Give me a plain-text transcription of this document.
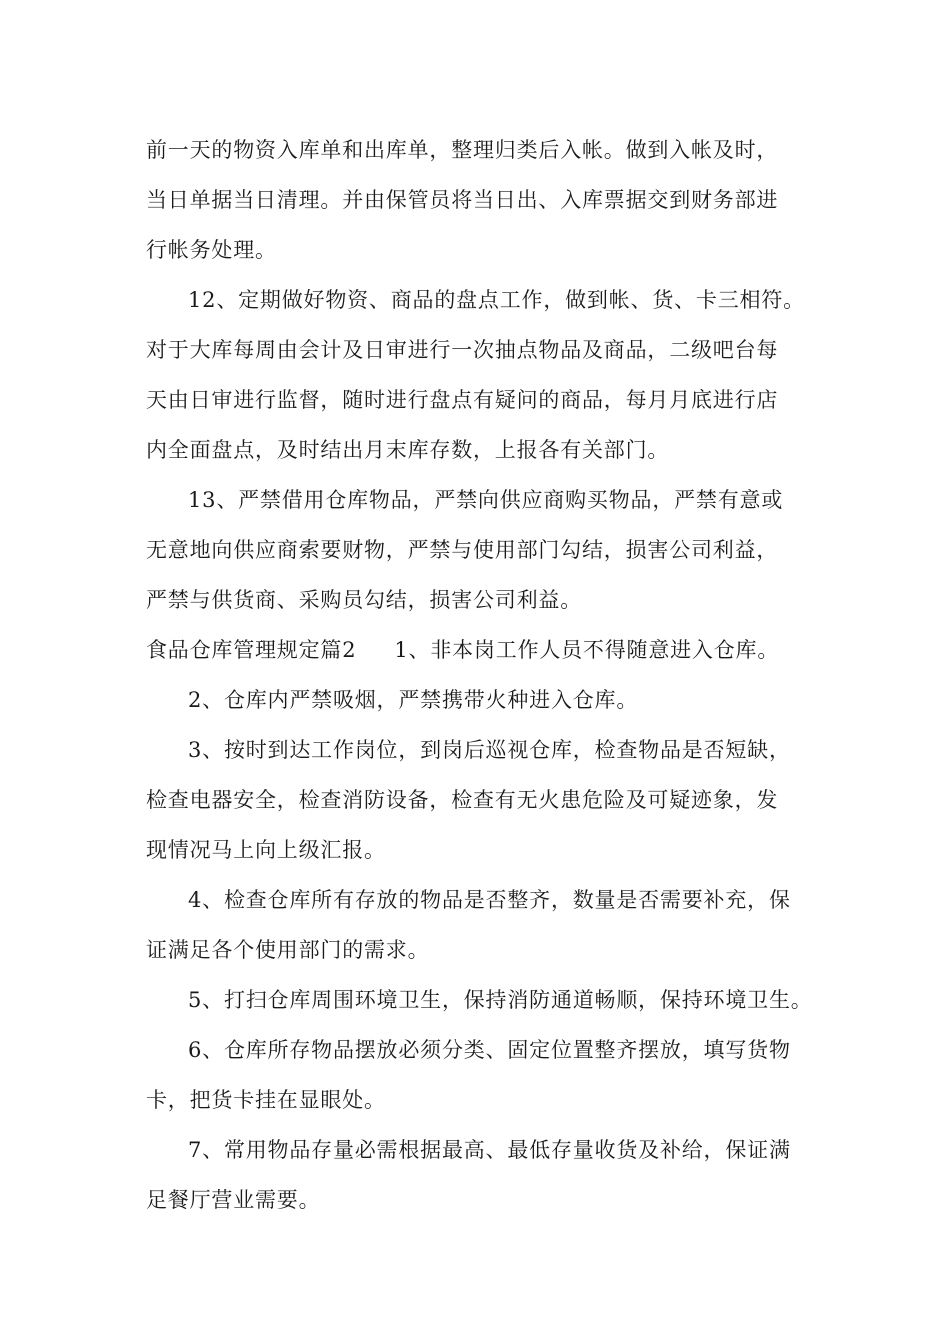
前一天的物资入库单和出库单，整理归类后入帐。做到入帐及时，
当日单据当日清理。并由保管员将当日出、入库票据交到财务部进
行帐务处理。
12、定期做好物资、商品的盘点工作，做到帐、货、卡三相符。
对于大库每周由会计及日审进行一次抽点物品及商品，二级吧台每
天由日审进行监督，随时进行盘点有疑问的商品，每月月底进行店
内全面盘点，及时结出月末库存数，上报各有关部门。
13、严禁借用仓库物品，严禁向供应商购买物品，严禁有意或
无意地向供应商索要财物，严禁与使用部门勾结，损害公司利益，
严禁与供货商、采购员勾结，损害公司利益。
食品仓库管理规定篇2 1、非本岗工作人员不得随意进入仓库。
2、仓库内严禁吸烟，严禁携带火种进入仓库。
3、按时到达工作岗位，到岗后巡视仓库，检查物品是否短缺，
检查电器安全，检查消防设备，检查有无火患危险及可疑迹象，发
现情况马上向上级汇报。
4、检查仓库所有存放的物品是否整齐，数量是否需要补充，保
证满足各个使用部门的需求。
5、打扫仓库周围环境卫生，保持消防通道畅顺，保持环境卫生。
6、仓库所存物品摆放必须分类、固定位置整齐摆放，填写货物
卡，把货卡挂在显眼处。
7、常用物品存量必需根据最高、最低存量收货及补给，保证满
足餐厅营业需要。
